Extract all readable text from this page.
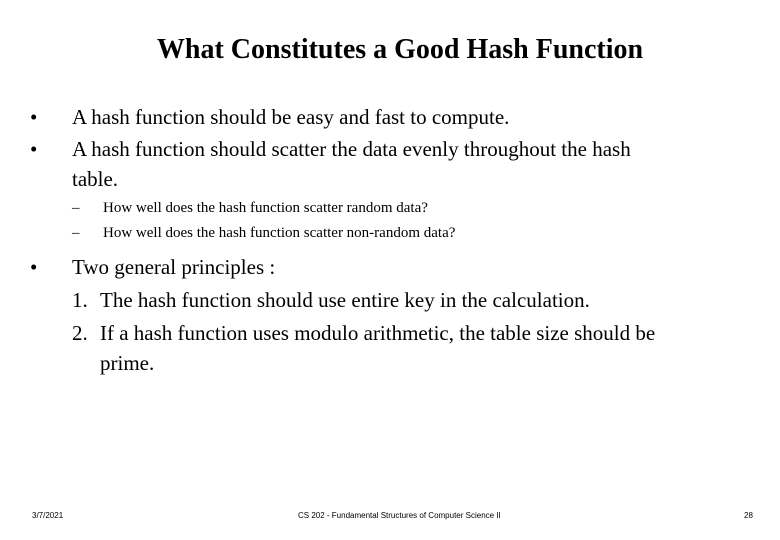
What Constitutes a Good Hash Function
•	A hash function should be easy and fast to compute.
•	A hash function should scatter the data evenly throughout the hash
table.
– How well does the hash function scatter random data?
– How well does the hash function scatter non-random data?
•	Two general principles :
1. The hash function should use entire key in the calculation.
2. If a hash function uses modulo arithmetic, the table size should be
prime.
3/7/2021	CS 202 - Fundamental Structures of Computer Science II	28
